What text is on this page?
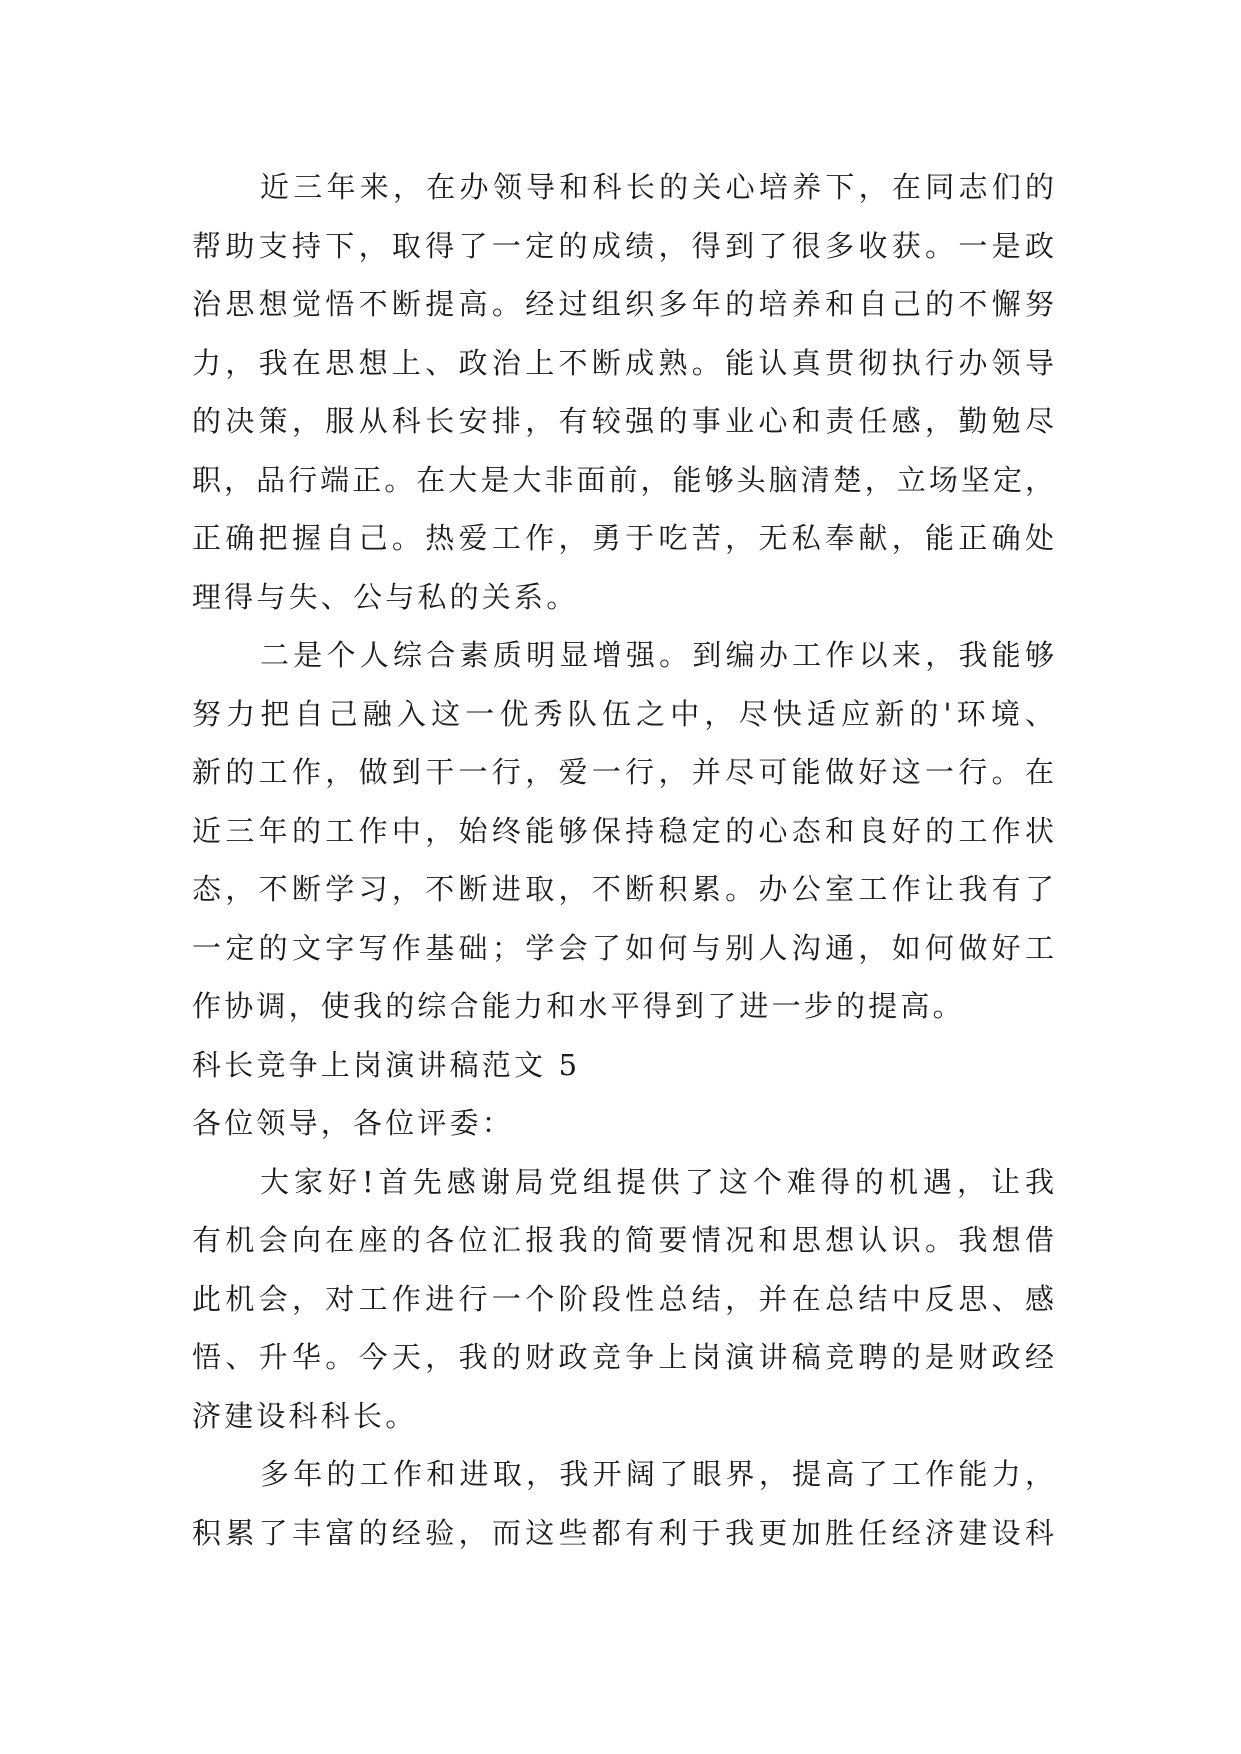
近三年来，在办领导和科长的关心培养下，在同志们的
帮助支持下，取得了一定的成绩，得到了很多收获。一是政
治思想觉悟不断提高。经过组织多年的培养和自己的不懈努
力，我在思想上、政治上不断成熟。能认真贯彻执行办领导
的决策，服从科长安排，有较强的事业心和责任感，勤勉尽
职，品行端正。在大是大非面前，能够头脑清楚，立场坚定，
正确把握自己。热爱工作，勇于吃苦，无私奉献，能正确处
理得与失、公与私的关系。
二是个人综合素质明显增强。到编办工作以来，我能够
努力把自己融入这一优秀队伍之中，尽快适应新的'环境、
新的工作，做到干一行，爱一行，并尽可能做好这一行。在
近三年的工作中，始终能够保持稳定的心态和良好的工作状
态，不断学习，不断进取，不断积累。办公室工作让我有了
一定的文字写作基础；学会了如何与别人沟通，如何做好工
作协调，使我的综合能力和水平得到了进一步的提高。
科长竞争上岗演讲稿范文 5
各位领导，各位评委：
大家好!首先感谢局党组提供了这个难得的机遇，让我
有机会向在座的各位汇报我的简要情况和思想认识。我想借
此机会，对工作进行一个阶段性总结，并在总结中反思、感
悟、升华。今天，我的财政竞争上岗演讲稿竞聘的是财政经
济建设科科长。
多年的工作和进取，我开阔了眼界，提高了工作能力，
积累了丰富的经验，而这些都有利于我更加胜任经济建设科
